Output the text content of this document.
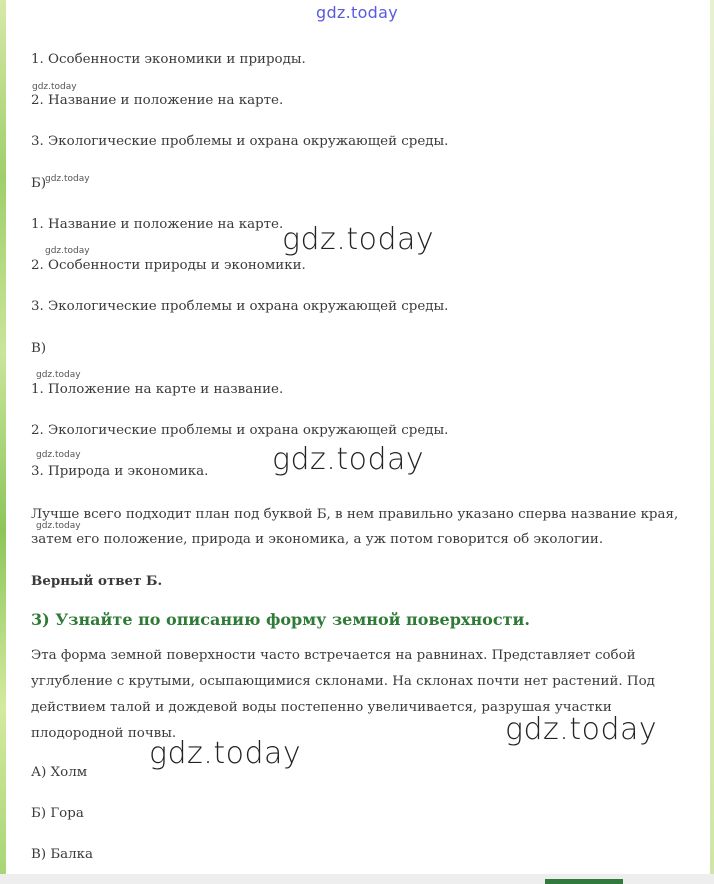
gdz.today
1. Особенности экономики и природы.
gdz.today
2. Название и положение на карте.
3. Экологические проблемы и охрана окружающей среды.
Б)
gdz.today
1. Название и положение на карте.
gdz.today
2. Особенности природы и экономики.
3. Экологические проблемы и охрана окружающей среды.
gdz.today
В)
gdz.today
1. Положение на карте и название.
2. Экологические проблемы и охрана окружающей среды.
gdz.today
3. Природа и экономика. gdz.today
Лучше всего подходит план под буквой Б, в нем правильно указано сперва название края,
gdz.today
затем его положение, природа и экономика, а уж потом говорится об экологии.
Верный ответ Б.
3) Узнайте по описанию форму земной поверхности.
Эта форма земной поверхности часто встречается на равнинах. Представляет собой углубление с крутыми, осыпающимися склонами. На склонах почти нет растений. Под действием талой и дождевой воды постепенно увеличивается, разрушая участки плодородной почвы.	gdz.today
gdz.today
А) Холм
Б) Гора
В) Балка
